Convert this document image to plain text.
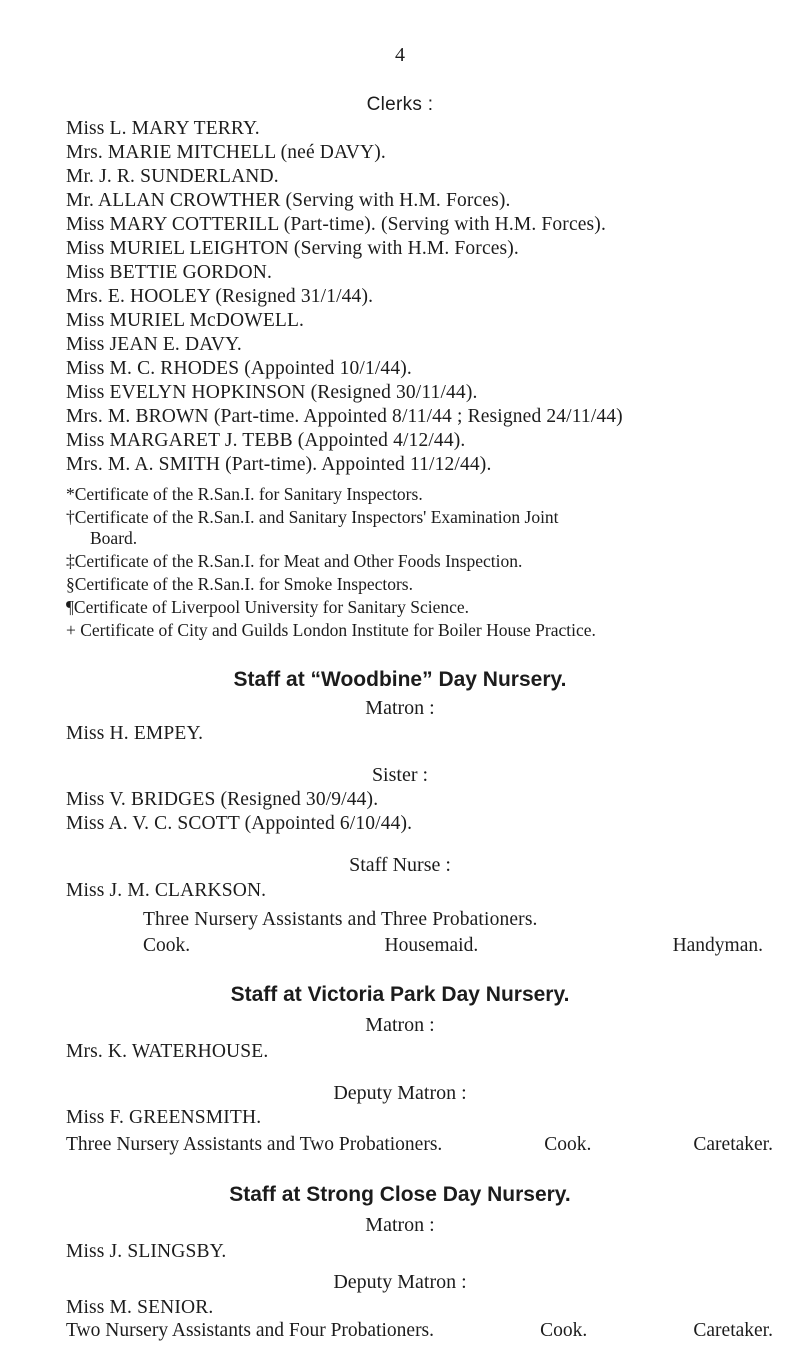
4
Clerks :
Miss L. MARY TERRY.
Mrs. MARIE MITCHELL (neé DAVY).
Mr. J. R. SUNDERLAND.
Mr. ALLAN CROWTHER (Serving with H.M. Forces).
Miss MARY COTTERILL (Part-time). (Serving with H.M. Forces).
Miss MURIEL LEIGHTON (Serving with H.M. Forces).
Miss BETTIE GORDON.
Mrs. E. HOOLEY (Resigned 31/1/44).
Miss MURIEL McDOWELL.
Miss JEAN E. DAVY.
Miss M. C. RHODES (Appointed 10/1/44).
Miss EVELYN HOPKINSON (Resigned 30/11/44).
Mrs. M. BROWN (Part-time. Appointed 8/11/44 ; Resigned 24/11/44)
Miss MARGARET J. TEBB (Appointed 4/12/44).
Mrs. M. A. SMITH (Part-time). Appointed 11/12/44).
*Certificate of the R.San.I. for Sanitary Inspectors.
†Certificate of the R.San.I. and Sanitary Inspectors' Examination Joint
Board.
‡Certificate of the R.San.I. for Meat and Other Foods Inspection.
§Certificate of the R.San.I. for Smoke Inspectors.
¶Certificate of Liverpool University for Sanitary Science.
+ Certificate of City and Guilds London Institute for Boiler House Practice.
Staff at “Woodbine” Day Nursery.
Matron :
Miss H. EMPEY.
Sister :
Miss V. BRIDGES (Resigned 30/9/44).
Miss A. V. C. SCOTT (Appointed 6/10/44).
Staff Nurse :
Miss J. M. CLARKSON.
Three Nursery Assistants and Three Probationers.
Cook.	Housemaid.	Handyman.
Staff at Victoria Park Day Nursery.
Matron :
Mrs. K. WATERHOUSE.
Deputy Matron :
Miss F. GREENSMITH.
Three Nursery Assistants and Two Probationers.	Cook.	Caretaker.
Staff at Strong Close Day Nursery.
Matron :
Miss J. SLINGSBY.
Deputy Matron :
Miss M. SENIOR.
Two Nursery Assistants and Four Probationers.	Cook.	Caretaker.
